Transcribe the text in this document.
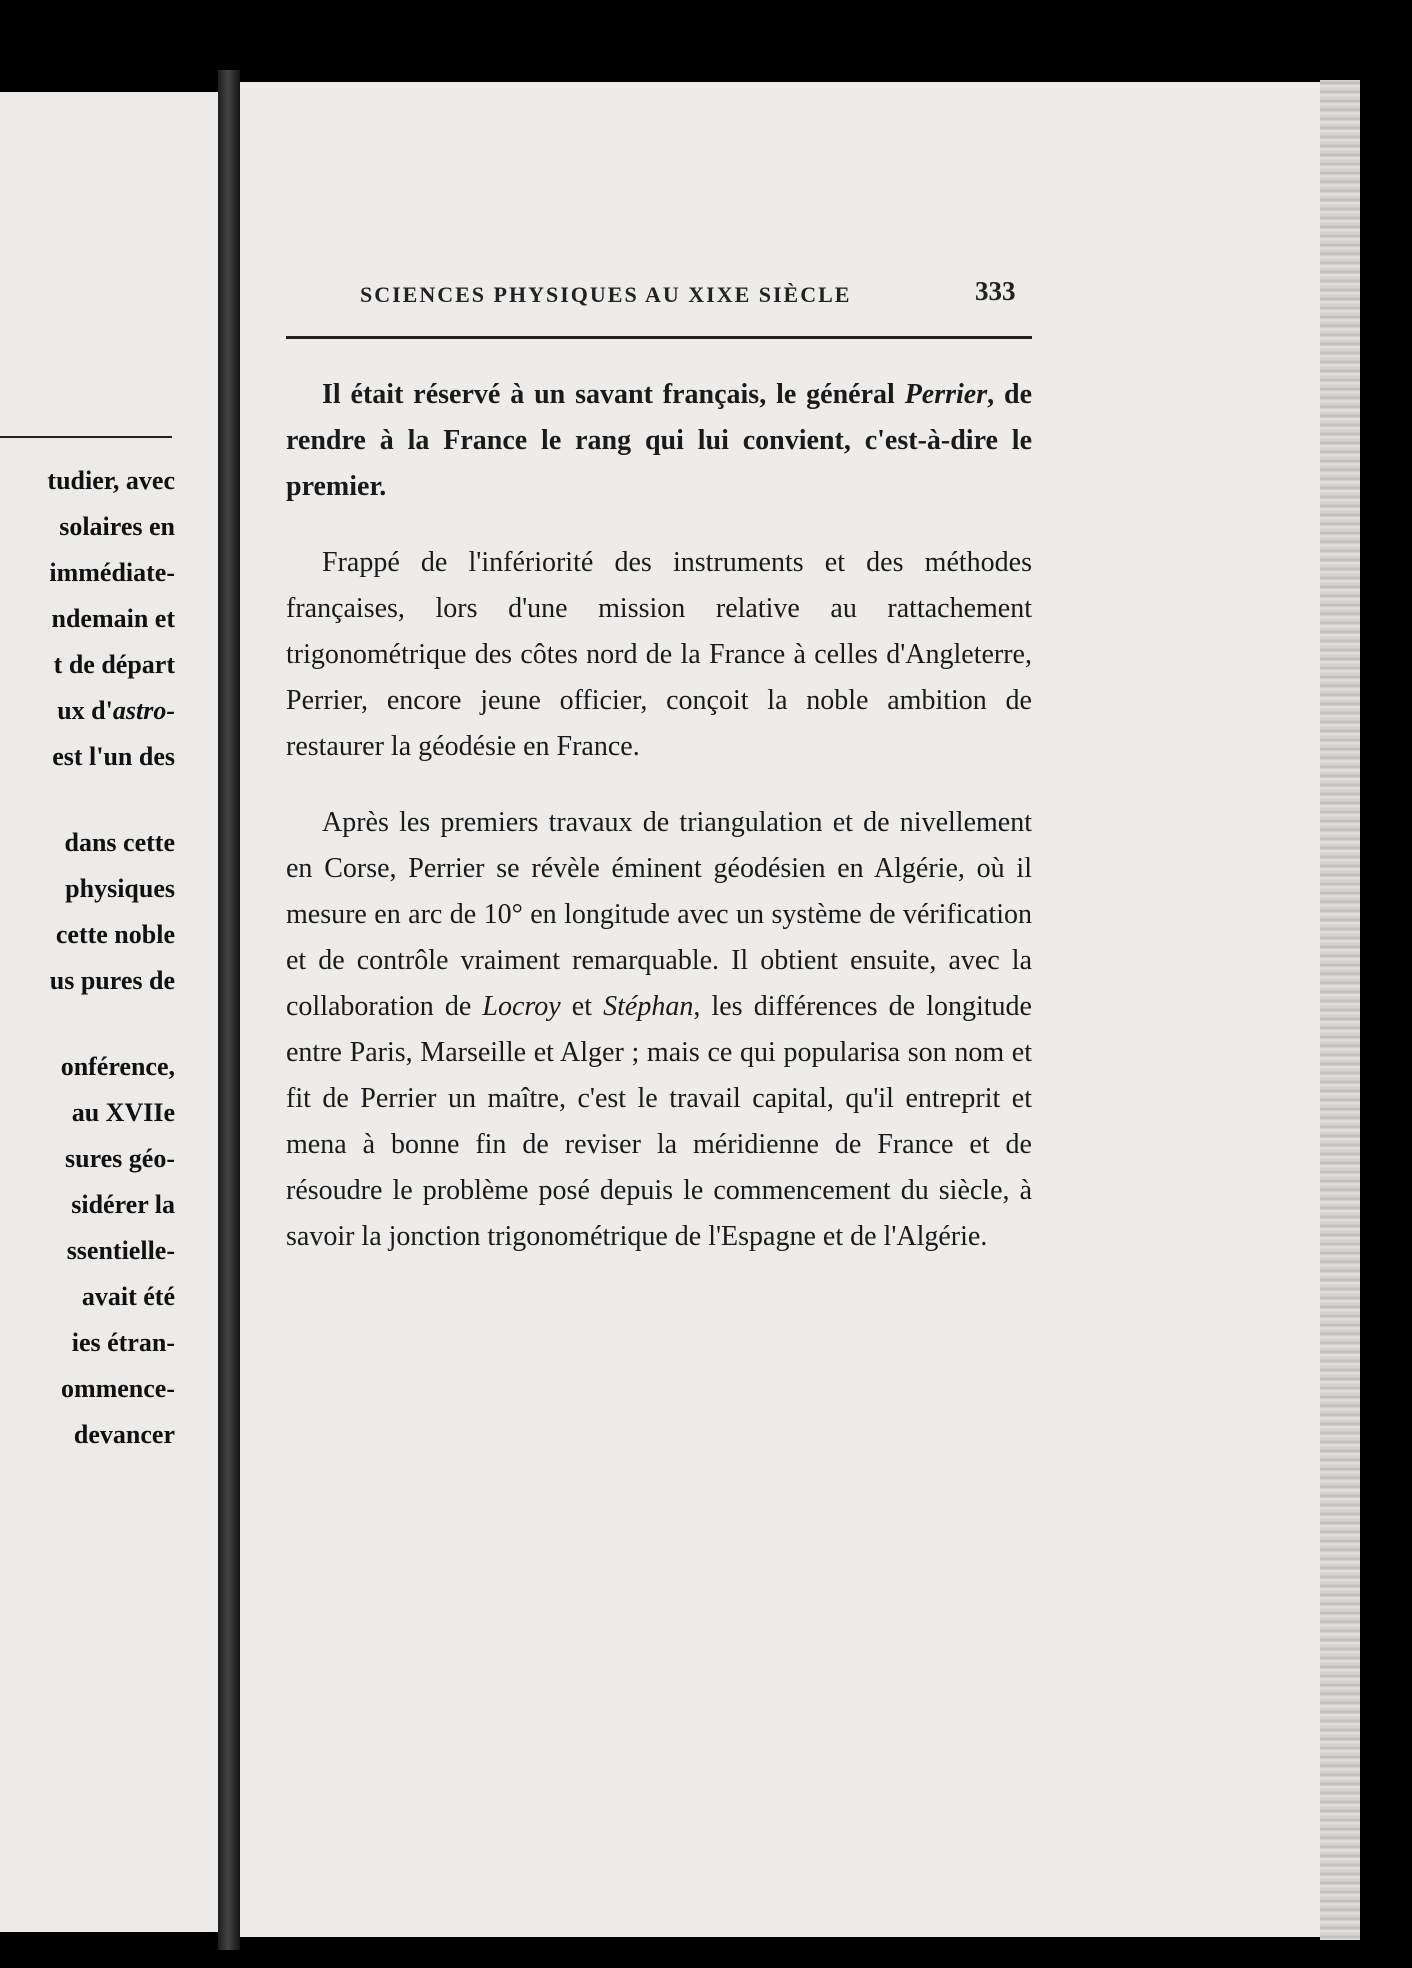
tudier, avec
solaires en
immédiate-
ndemain et
t de départ
ux d'astro-
est l'un des
dans cette
physiques
cette noble
us pures de
onférence,
au XVIIe
sures géo-
sidérer la
ssentielle-
avait été
ies étran-
ommence-
devancer
SCIENCES PHYSIQUES AU XIXE SIÈCLE	333

Il était réservé à un savant français, le général Perrier, de rendre à la France le rang qui lui convient, c'est-à-dire le premier.

Frappé de l'infériorité des instruments et des méthodes françaises, lors d'une mission relative au rattachement trigonométrique des côtes nord de la France à celles d'Angleterre, Perrier, encore jeune officier, conçoit la noble ambition de restaurer la géodésie en France.

Après les premiers travaux de triangulation et de nivellement en Corse, Perrier se révèle éminent géodésien en Algérie, où il mesure en arc de 10° en longitude avec un système de vérification et de contrôle vraiment remarquable. Il obtient ensuite, avec la collaboration de Locroy et Stéphan, les différences de longitude entre Paris, Marseille et Alger ; mais ce qui popularisa son nom et fit de Perrier un maître, c'est le travail capital, qu'il entreprit et mena à bonne fin de reviser la méridienne de France et de résoudre le problème posé depuis le commencement du siècle, à savoir la jonction trigonométrique de l'Espagne et de l'Algérie.
